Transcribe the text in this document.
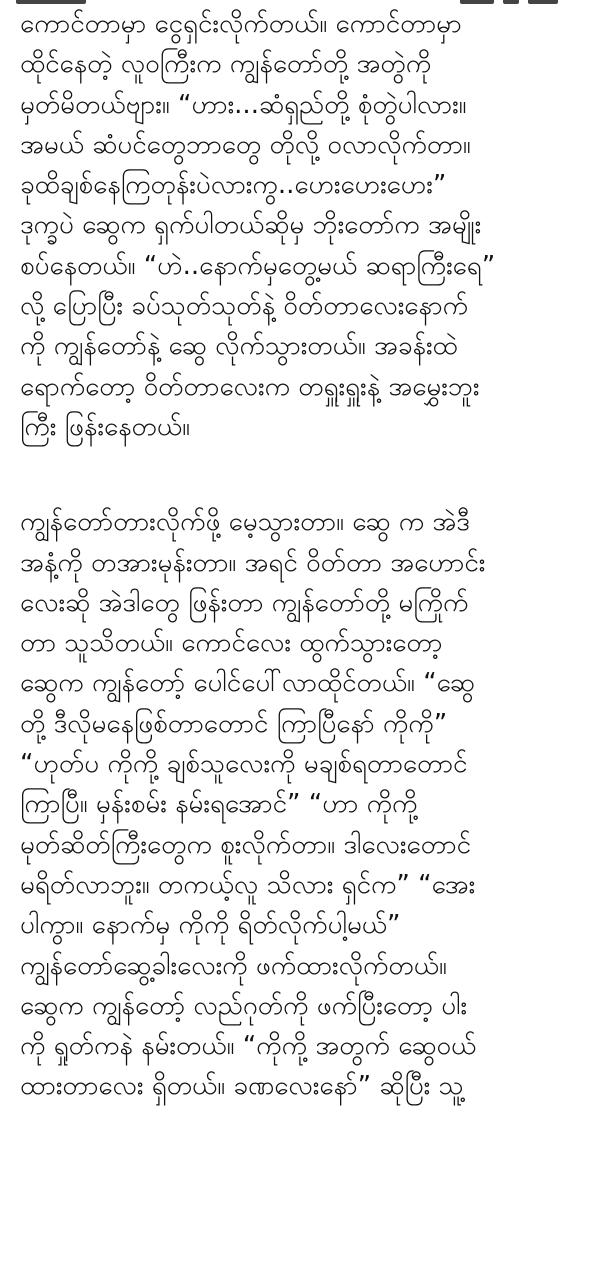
ကောင်တာမှာ ငွေရှင်းလိုက်တယ်။ ကောင်တာမှာ
ထိုင်နေတဲ့ လူဝကြီးက ကျွန်တော်တို့ အတွဲကို
မှတ်မိတယ်ဗျား။ “ဟား...ဆံရှည်တို့ စုံတွဲပါလား။
အမယ် ဆံပင်တွေဘာတွေ တိုလို့ ဝလာလိုက်တာ။
ခုထိချစ်နေကြတုန်းပဲလားကွ..ဟေးဟေးဟေး”
ဒုက္ခပဲ ဆွေက ရှက်ပါတယ်ဆိုမှ ဘိုးတော်က အမျိုး
စပ်နေတယ်။ “ဟဲ..နောက်မှတွေ့မယ် ဆရာကြီးရေ”
လို့ ပြောပြီး ခပ်သုတ်သုတ်နဲ့ ဝိတ်တာလေးနောက်
ကို ကျွန်တော်နဲ့ ဆွေ လိုက်သွားတယ်။ အခန်းထဲ
ရောက်တော့ ဝိတ်တာလေးက တရှူးရှူးနဲ့ အမွှေးဘူး
ကြီး ဖြန်းနေတယ်။
ကျွန်တော်တားလိုက်ဖို့ မေ့သွားတာ။ ဆွေ က အဲဒီ
အနံ့ကို တအားမုန်းတာ။ အရင် ဝိတ်တာ အဟောင်း
လေးဆို အဲဒါတွေ ဖြန်းတာ ကျွန်တော်တို့ မကြိုက်
တာ သူသိတယ်။ ကောင်လေး ထွက်သွားတော့
ဆွေက ကျွန်တော့် ပေါင်ပေါ်လာထိုင်တယ်။ “ဆွေ
တို့ ဒီလိုမနေဖြစ်တာတောင် ကြာပြီနော် ကိုကို”
“ဟုတ်ပ ကိုကို့ ချစ်သူလေးကို မချစ်ရတာတောင်
ကြာပြီ။ မှန်းစမ်း နမ်းရအောင်” “ဟာ ကိုကို့
မုတ်ဆိတ်ကြီးတွေက စူးလိုက်တာ။ ဒါလေးတောင်
မရိတ်လာဘူး။ တကယ့်လူ သိလား ရှင်က” “အေး
ပါကွာ။ နောက်မှ ကိုကို ရိတ်လိုက်ပါ့မယ်”
ကျွန်တော်ဆွေ့ခါးလေးကို ဖက်ထားလိုက်တယ်။
ဆွေက ကျွန်တော့် လည်ဂုတ်ကို ဖက်ပြီးတော့ ပါး
ကို ရှုတ်ကနဲ နမ်းတယ်။ “ကိုကို့ အတွက် ဆွေဝယ်
ထားတာလေး ရှိတယ်။ ခဏလေးနော်” ဆိုပြီး သူ့
